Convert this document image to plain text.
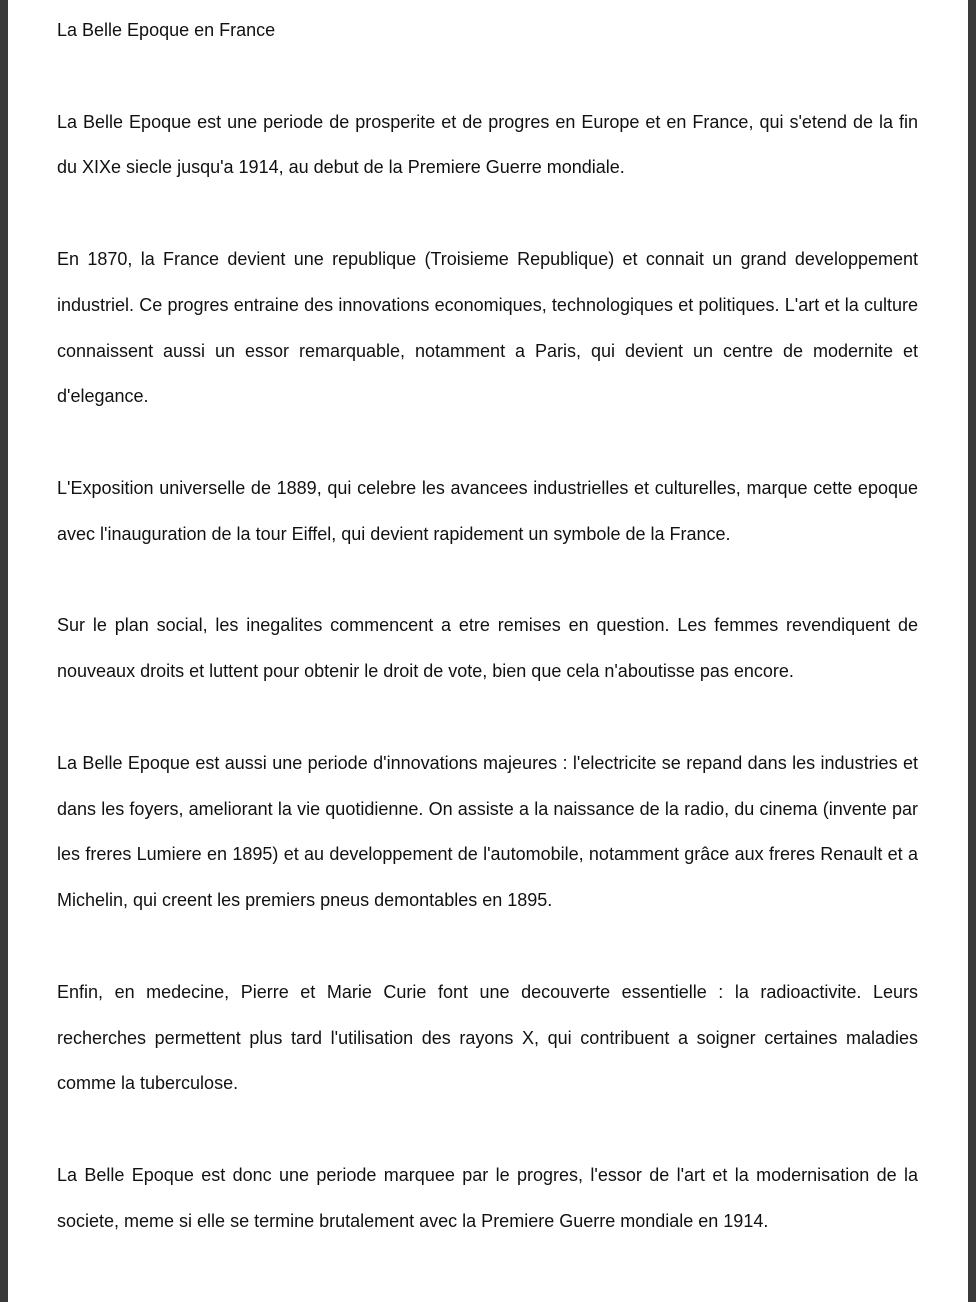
La Belle Epoque en France

La Belle Epoque est une periode de prosperite et de progres en Europe et en France, qui s'etend de la fin du XIXe siecle jusqu'a 1914, au debut de la Premiere Guerre mondiale.

En 1870, la France devient une republique (Troisieme Republique) et connait un grand developpement industriel. Ce progres entraine des innovations economiques, technologiques et politiques. L'art et la culture connaissent aussi un essor remarquable, notamment a Paris, qui devient un centre de modernite et d'elegance.

L'Exposition universelle de 1889, qui celebre les avancees industrielles et culturelles, marque cette epoque avec l'inauguration de la tour Eiffel, qui devient rapidement un symbole de la France.

Sur le plan social, les inegalites commencent a etre remises en question. Les femmes revendiquent de nouveaux droits et luttent pour obtenir le droit de vote, bien que cela n'aboutisse pas encore.

La Belle Epoque est aussi une periode d'innovations majeures : l'electricite se repand dans les industries et dans les foyers, ameliorant la vie quotidienne. On assiste a la naissance de la radio, du cinema (invente par les freres Lumiere en 1895) et au developpement de l'automobile, notamment grâce aux freres Renault et a Michelin, qui creent les premiers pneus demontables en 1895.

Enfin, en medecine, Pierre et Marie Curie font une decouverte essentielle : la radioactivite. Leurs recherches permettent plus tard l'utilisation des rayons X, qui contribuent a soigner certaines maladies comme la tuberculose.

La Belle Epoque est donc une periode marquee par le progres, l'essor de l'art et la modernisation de la societe, meme si elle se termine brutalement avec la Premiere Guerre mondiale en 1914.
